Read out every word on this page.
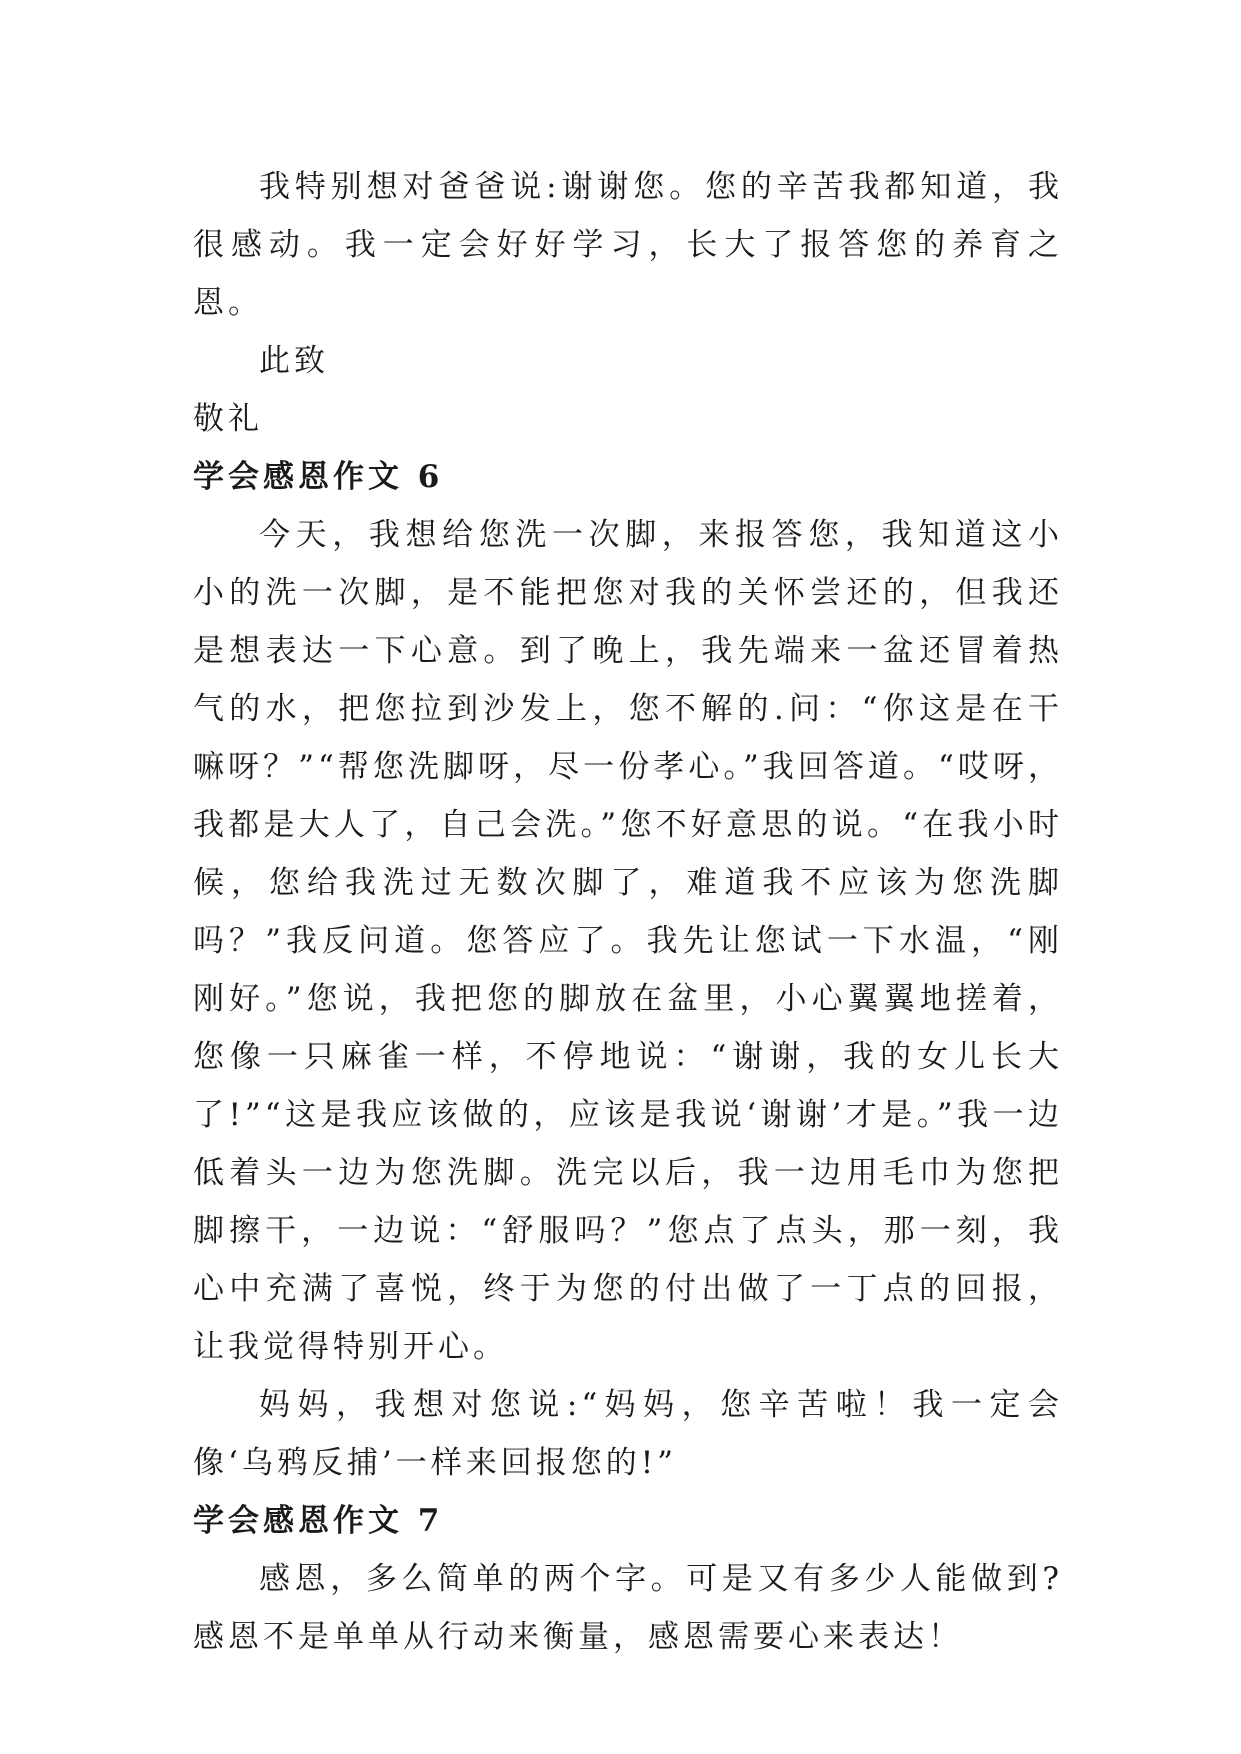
我特别想对爸爸说:谢谢您。您的辛苦我都知道，我很感动。我一定会好好学习，长大了报答您的养育之恩。

此致

敬礼

学会感恩作文 6

今天，我想给您洗一次脚，来报答您，我知道这小小的洗一次脚，是不能把您对我的关怀尝还的，但我还是想表达一下心意。到了晚上，我先端来一盆还冒着热气的水，把您拉到沙发上，您不解的.问：“你这是在干嘛呀？”“帮您洗脚呀，尽一份孝心。”我回答道。“哎呀，我都是大人了，自己会洗。”您不好意思的说。“在我小时候，您给我洗过无数次脚了，难道我不应该为您洗脚吗？”我反问道。您答应了。我先让您试一下水温，“刚刚好。”您说，我把您的脚放在盆里，小心翼翼地搓着，您像一只麻雀一样，不停地说：“谢谢，我的女儿长大了!”“这是我应该做的，应该是我说‘谢谢’才是。”我一边低着头一边为您洗脚。洗完以后，我一边用毛巾为您把脚擦干，一边说：“舒服吗？”您点了点头，那一刻，我心中充满了喜悦，终于为您的付出做了一丁点的回报，让我觉得特别开心。

妈妈，我想对您说:“妈妈，您辛苦啦！我一定会像‘乌鸦反捕’一样来回报您的!”

学会感恩作文 7

感恩，多么简单的两个字。可是又有多少人能做到?感恩不是单单从行动来衡量，感恩需要心来表达！
